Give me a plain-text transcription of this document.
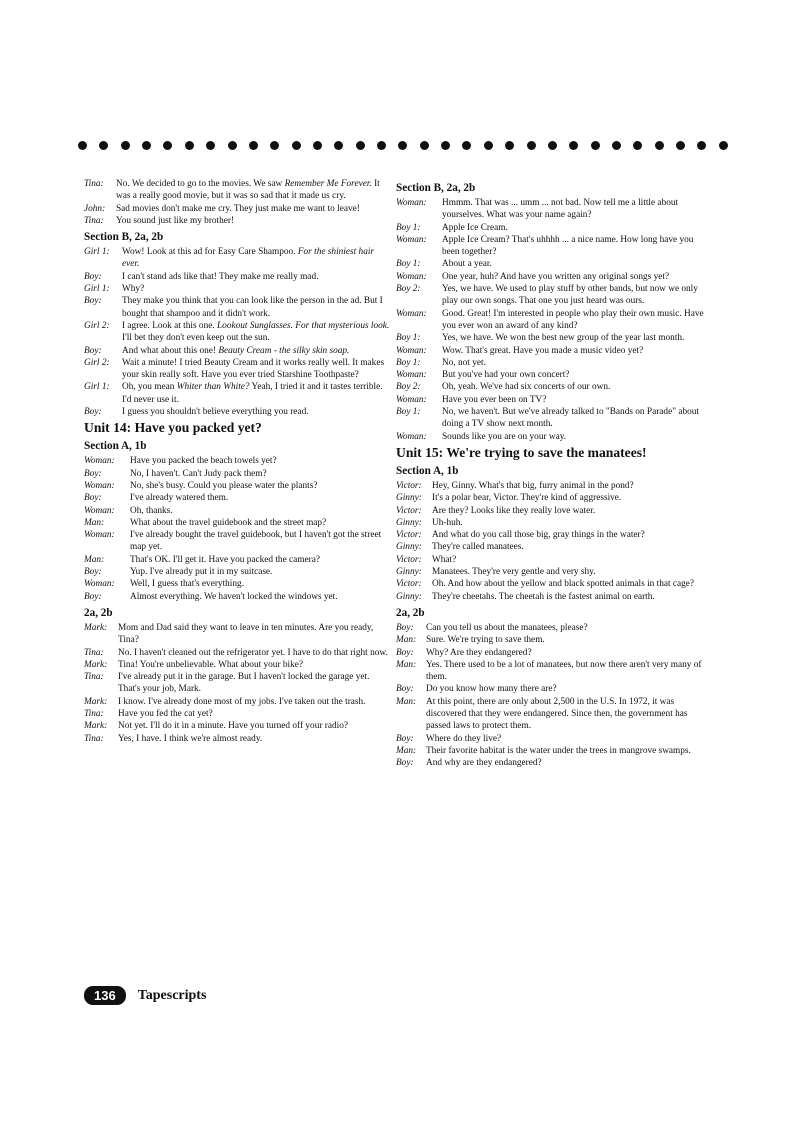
Tina:	No. We decided to go to the movies. We saw Remember Me Forever. It was a really good movie, but it was so sad that it made us cry.
John:	Sad movies don't make me cry. They just make me want to leave!
Tina:	You sound just like my brother!
Section B, 2a, 2b
Girl 1:	Wow! Look at this ad for Easy Care Shampoo. For the shiniest hair ever.
Boy:	I can't stand ads like that! They make me really mad.
Girl 1:	Why?
Boy:	They make you think that you can look like the person in the ad. But I bought that shampoo and it didn't work.
Girl 2:	I agree. Look at this one. Lookout Sunglasses. For that mysterious look. I'll bet they don't even keep out the sun.
Boy:	And what about this one! Beauty Cream - the silky skin soap.
Girl 2:	Wait a minute! I tried Beauty Cream and it works really well. It makes your skin really soft. Have you ever tried Starshine Toothpaste?
Girl 1:	Oh, you mean Whiter than White? Yeah, I tried it and it tastes terrible. I'd never use it.
Boy:	I guess you shouldn't believe everything you read.
Unit 14: Have you packed yet?
Section A, 1b
Woman:	Have you packed the beach towels yet?
Boy:	No, I haven't. Can't Judy pack them?
Woman:	No, she's busy. Could you please water the plants?
Boy:	I've already watered them.
Woman:	Oh, thanks.
Man:	What about the travel guidebook and the street map?
Woman:	I've already bought the travel guidebook, but I haven't got the street map yet.
Man:	That's OK. I'll get it. Have you packed the camera?
Boy:	Yup. I've already put it in my suitcase.
Woman:	Well, I guess that's everything.
Boy:	Almost everything. We haven't locked the windows yet.
2a, 2b
Mark:	Mom and Dad said they want to leave in ten minutes. Are you ready, Tina?
Tina:	No. I haven't cleaned out the refrigerator yet. I have to do that right now.
Mark:	Tina! You're unbelievable. What about your bike?
Tina:	I've already put it in the garage. But I haven't locked the garage yet. That's your job, Mark.
Mark:	I know. I've already done most of my jobs. I've taken out the trash.
Tina:	Have you fed the cat yet?
Mark:	Not yet. I'll do it in a minute. Have you turned off your radio?
Tina:	Yes, I have. I think we're almost ready.
Section B, 2a, 2b
Woman:	Hmmm. That was ... umm ... not bad. Now tell me a little about yourselves. What was your name again?
Boy 1:	Apple Ice Cream.
Woman:	Apple Ice Cream? That's uhhhh ... a nice name. How long have you been together?
Boy 1:	About a year.
Woman:	One year, huh? And have you written any original songs yet?
Boy 2:	Yes, we have. We used to play stuff by other bands, but now we only play our own songs. That one you just heard was ours.
Woman:	Good. Great! I'm interested in people who play their own music. Have you ever won an award of any kind?
Boy 1:	Yes, we have. We won the best new group of the year last month.
Woman:	Wow. That's great. Have you made a music video yet?
Boy 1:	No, not yet.
Woman:	But you've had your own concert?
Boy 2:	Oh, yeah. We've had six concerts of our own.
Woman:	Have you ever been on TV?
Boy 1:	No, we haven't. But we've already talked to "Bands on Parade" about doing a TV show next month.
Woman:	Sounds like you are on your way.
Unit 15: We're trying to save the manatees!
Section A, 1b
Victor:	Hey, Ginny. What's that big, furry animal in the pond?
Ginny:	It's a polar bear, Victor. They're kind of aggressive.
Victor:	Are they? Looks like they really love water.
Ginny:	Uh-huh.
Victor:	And what do you call those big, gray things in the water?
Ginny:	They're called manatees.
Victor:	What?
Ginny:	Manatees. They're very gentle and very shy.
Victor:	Oh. And how about the yellow and black spotted animals in that cage?
Ginny:	They're cheetahs. The cheetah is the fastest animal on earth.
2a, 2b
Boy:	Can you tell us about the manatees, please?
Man:	Sure. We're trying to save them.
Boy:	Why? Are they endangered?
Man:	Yes. There used to be a lot of manatees, but now there aren't very many of them.
Boy:	Do you know how many there are?
Man:	At this point, there are only about 2,500 in the U.S. In 1972, it was discovered that they were endangered. Since then, the government has passed laws to protect them.
Boy:	Where do they live?
Man:	Their favorite habitat is the water under the trees in mangrove swamps.
Boy:	And why are they endangered?
136	Tapescripts
